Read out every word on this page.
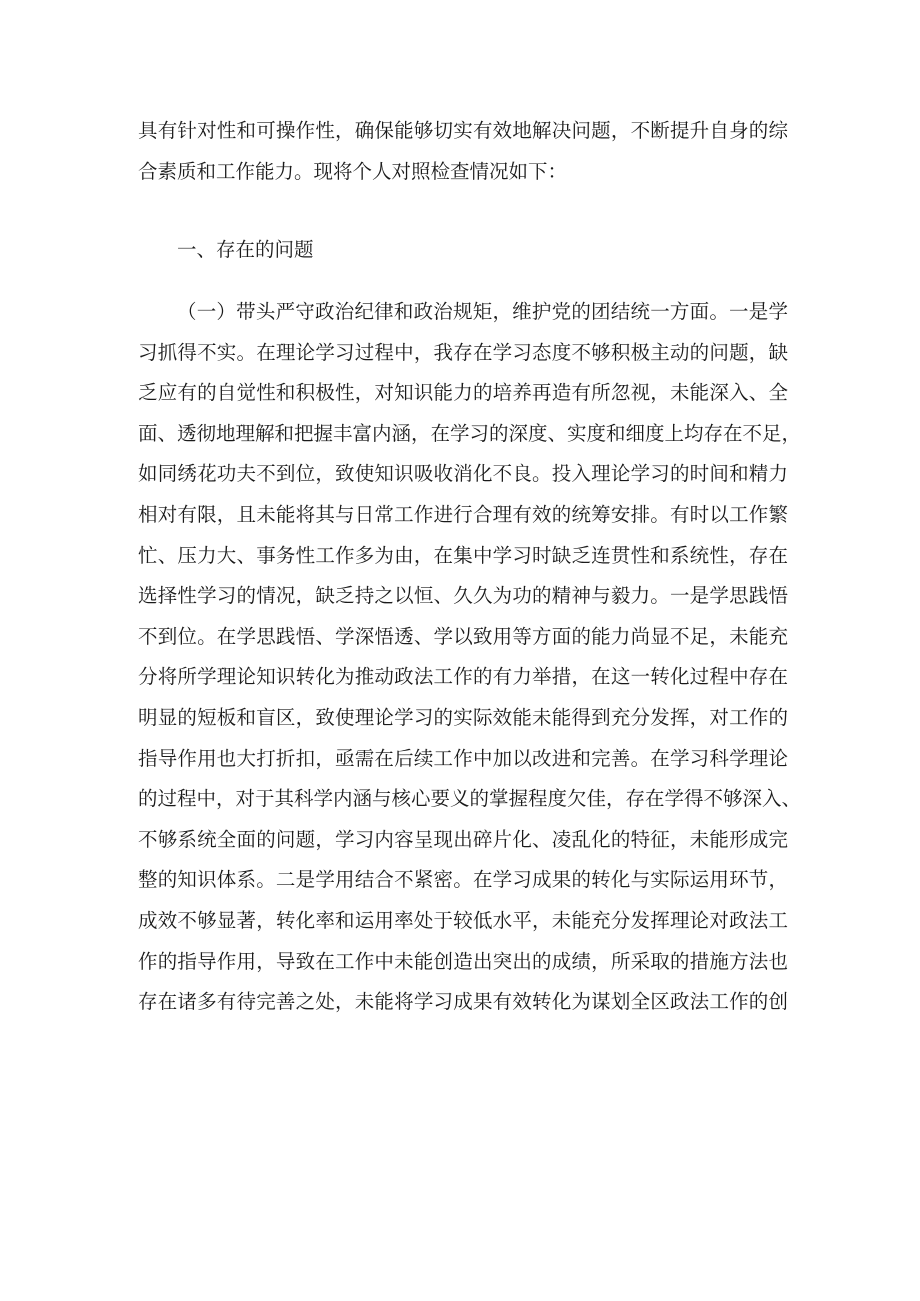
具有针对性和可操作性，确保能够切实有效地解决问题，不断提升自身的综
合素质和工作能力。现将个人对照检查情况如下：
一、存在的问题
（一）带头严守政治纪律和政治规矩，维护党的团结统一方面。一是学
习抓得不实。在理论学习过程中，我存在学习态度不够积极主动的问题，缺
乏应有的自觉性和积极性，对知识能力的培养再造有所忽视，未能深入、全
面、透彻地理解和把握丰富内涵，在学习的深度、实度和细度上均存在不足，
如同绣花功夫不到位，致使知识吸收消化不良。投入理论学习的时间和精力
相对有限，且未能将其与日常工作进行合理有效的统筹安排。有时以工作繁
忙、压力大、事务性工作多为由，在集中学习时缺乏连贯性和系统性，存在
选择性学习的情况，缺乏持之以恒、久久为功的精神与毅力。一是学思践悟
不到位。在学思践悟、学深悟透、学以致用等方面的能力尚显不足，未能充
分将所学理论知识转化为推动政法工作的有力举措，在这一转化过程中存在
明显的短板和盲区，致使理论学习的实际效能未能得到充分发挥，对工作的
指导作用也大打折扣，亟需在后续工作中加以改进和完善。在学习科学理论
的过程中，对于其科学内涵与核心要义的掌握程度欠佳，存在学得不够深入、
不够系统全面的问题，学习内容呈现出碎片化、凌乱化的特征，未能形成完
整的知识体系。二是学用结合不紧密。在学习成果的转化与实际运用环节，
成效不够显著，转化率和运用率处于较低水平，未能充分发挥理论对政法工
作的指导作用，导致在工作中未能创造出突出的成绩，所采取的措施方法也
存在诸多有待完善之处，未能将学习成果有效转化为谋划全区政法工作的创
